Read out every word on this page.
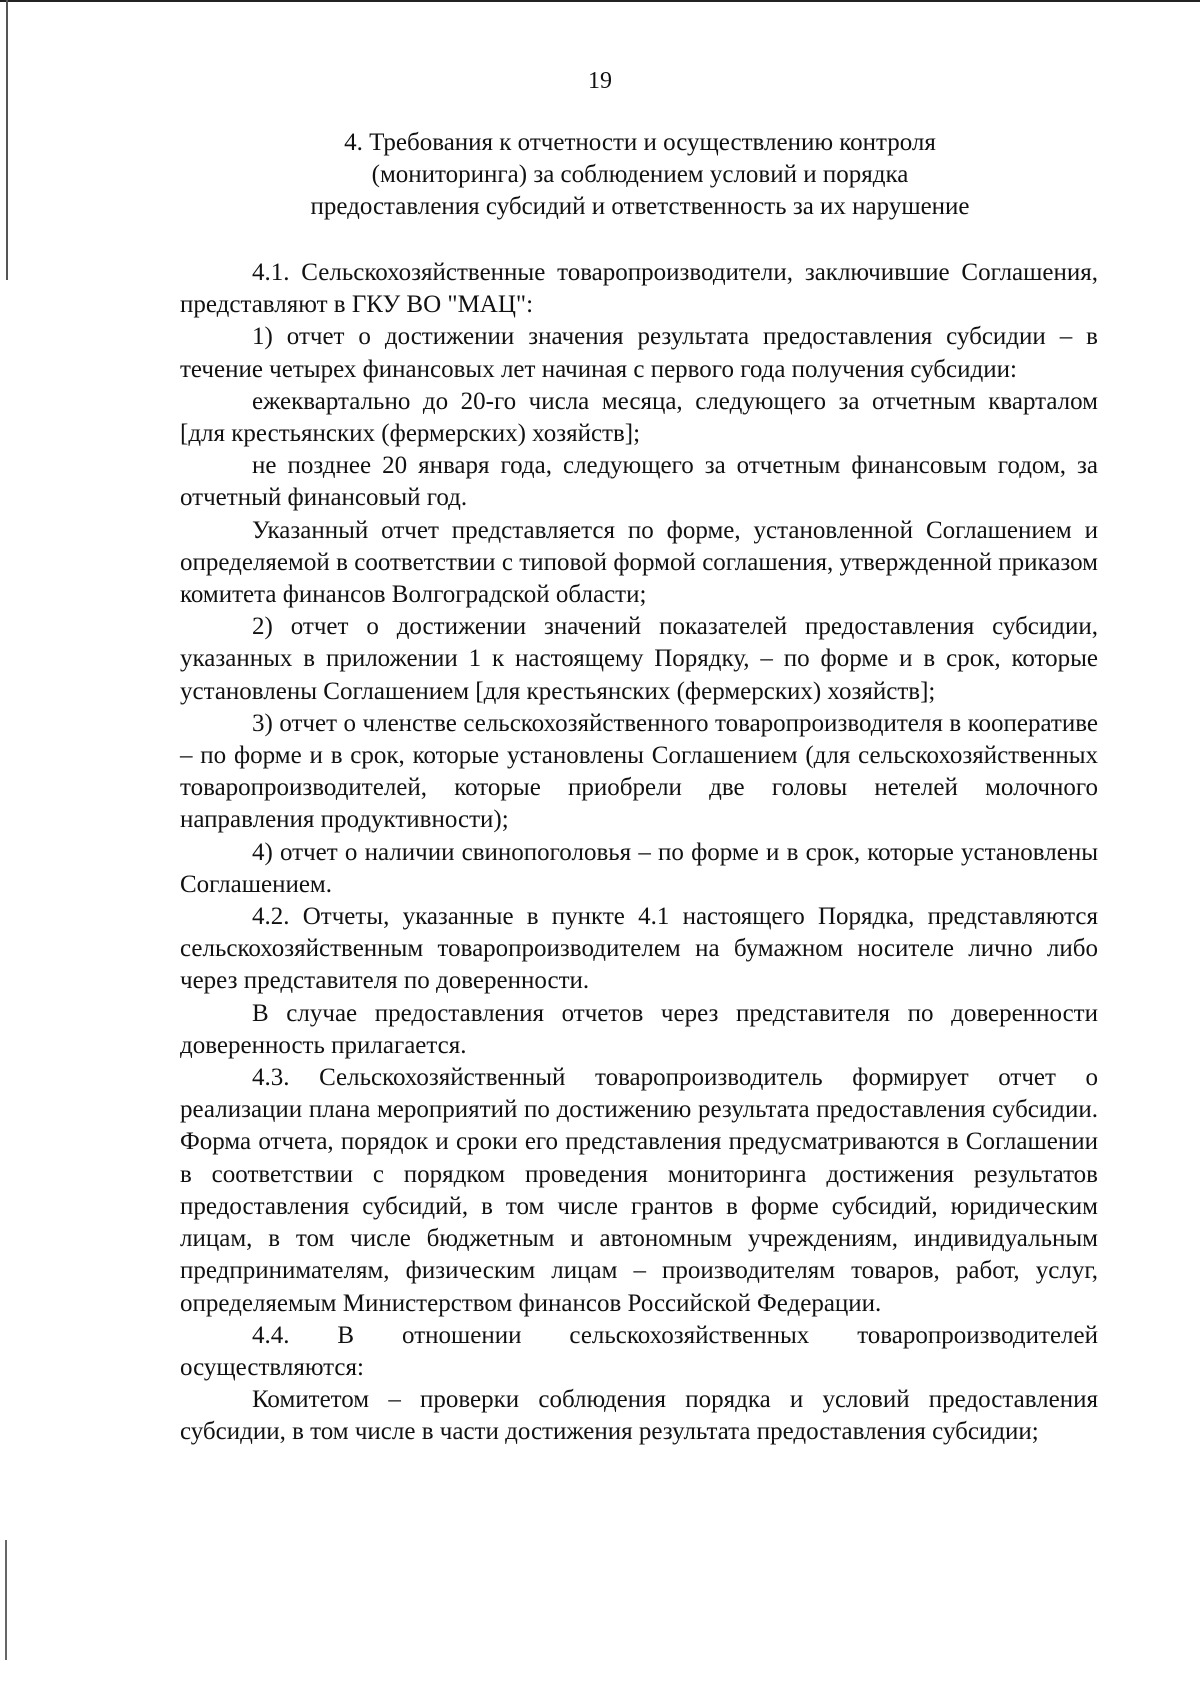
19
4. Требования к отчетности и осуществлению контроля
(мониторинга) за соблюдением условий и порядка
предоставления субсидий и ответственность за их нарушение

4.1. Сельскохозяйственные товаропроизводители, заключившие Соглашения, представляют в ГКУ ВО "МАЦ":

1) отчет о достижении значения результата предоставления субсидии – в течение четырех финансовых лет начиная с первого года получения субсидии:

ежеквартально до 20-го числа месяца, следующего за отчетным кварталом [для крестьянских (фермерских) хозяйств];

не позднее 20 января года, следующего за отчетным финансовым годом, за отчетный финансовый год.

Указанный отчет представляется по форме, установленной Соглашением и определяемой в соответствии с типовой формой соглашения, утвержденной приказом комитета финансов Волгоградской области;

2) отчет о достижении значений показателей предоставления субсидии, указанных в приложении 1 к настоящему Порядку, – по форме и в срок, которые установлены Соглашением [для крестьянских (фермерских) хозяйств];

3) отчет о членстве сельскохозяйственного товаропроизводителя в кооперативе – по форме и в срок, которые установлены Соглашением (для сельскохозяйственных товаропроизводителей, которые приобрели две головы нетелей молочного направления продуктивности);

4) отчет о наличии свинопоголовья – по форме и в срок, которые установлены Соглашением.

4.2. Отчеты, указанные в пункте 4.1 настоящего Порядка, представляются сельскохозяйственным товаропроизводителем на бумажном носителе лично либо через представителя по доверенности.

В случае предоставления отчетов через представителя по доверенности доверенность прилагается.

4.3. Сельскохозяйственный товаропроизводитель формирует отчет о реализации плана мероприятий по достижению результата предоставления субсидии. Форма отчета, порядок и сроки его представления предусматриваются в Соглашении в соответствии с порядком проведения мониторинга достижения результатов предоставления субсидий, в том числе грантов в форме субсидий, юридическим лицам, в том числе бюджетным и автономным учреждениям, индивидуальным предпринимателям, физическим лицам – производителям товаров, работ, услуг, определяемым Министерством финансов Российской Федерации.

4.4. В отношении сельскохозяйственных товаропроизводителей осуществляются:

Комитетом – проверки соблюдения порядка и условий предоставления субсидии, в том числе в части достижения результата предоставления субсидии;
